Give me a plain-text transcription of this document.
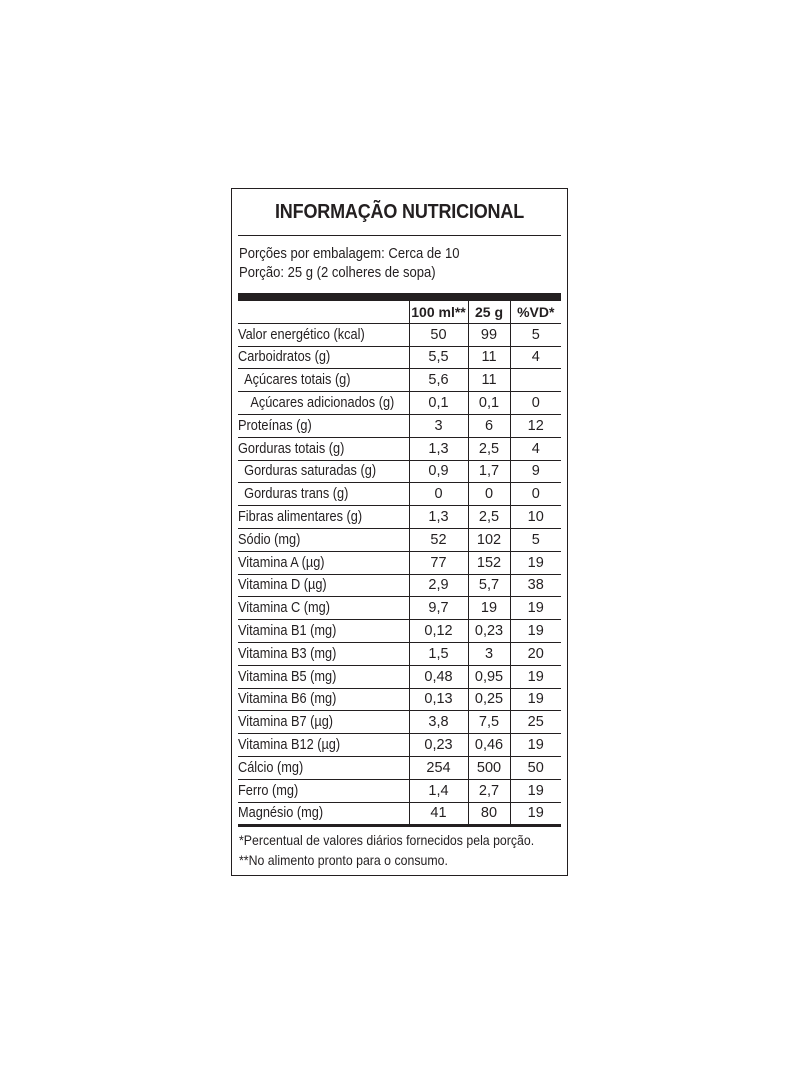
INFORMAÇÃO NUTRICIONAL
Porções por embalagem: Cerca de 10
Porção: 25 g (2 colheres de sopa)
	100 ml**	25 g	%VD*
Valor energético (kcal)	50	99	5
Carboidratos (g)	5,5	11	4
Açúcares totais (g)	5,6	11	
Açúcares adicionados (g)	0,1	0,1	0
Proteínas (g)	3	6	12
Gorduras totais (g)	1,3	2,5	4
Gorduras saturadas (g)	0,9	1,7	9
Gorduras trans (g)	0	0	0
Fibras alimentares (g)	1,3	2,5	10
Sódio (mg)	52	102	5
Vitamina A (µg)	77	152	19
Vitamina D (µg)	2,9	5,7	38
Vitamina C (mg)	9,7	19	19
Vitamina B1 (mg)	0,12	0,23	19
Vitamina B3 (mg)	1,5	3	20
Vitamina B5 (mg)	0,48	0,95	19
Vitamina B6 (mg)	0,13	0,25	19
Vitamina B7 (µg)	3,8	7,5	25
Vitamina B12 (µg)	0,23	0,46	19
Cálcio (mg)	254	500	50
Ferro (mg)	1,4	2,7	19
Magnésio (mg)	41	80	19
*Percentual de valores diários fornecidos pela porção.
**No alimento pronto para o consumo.
